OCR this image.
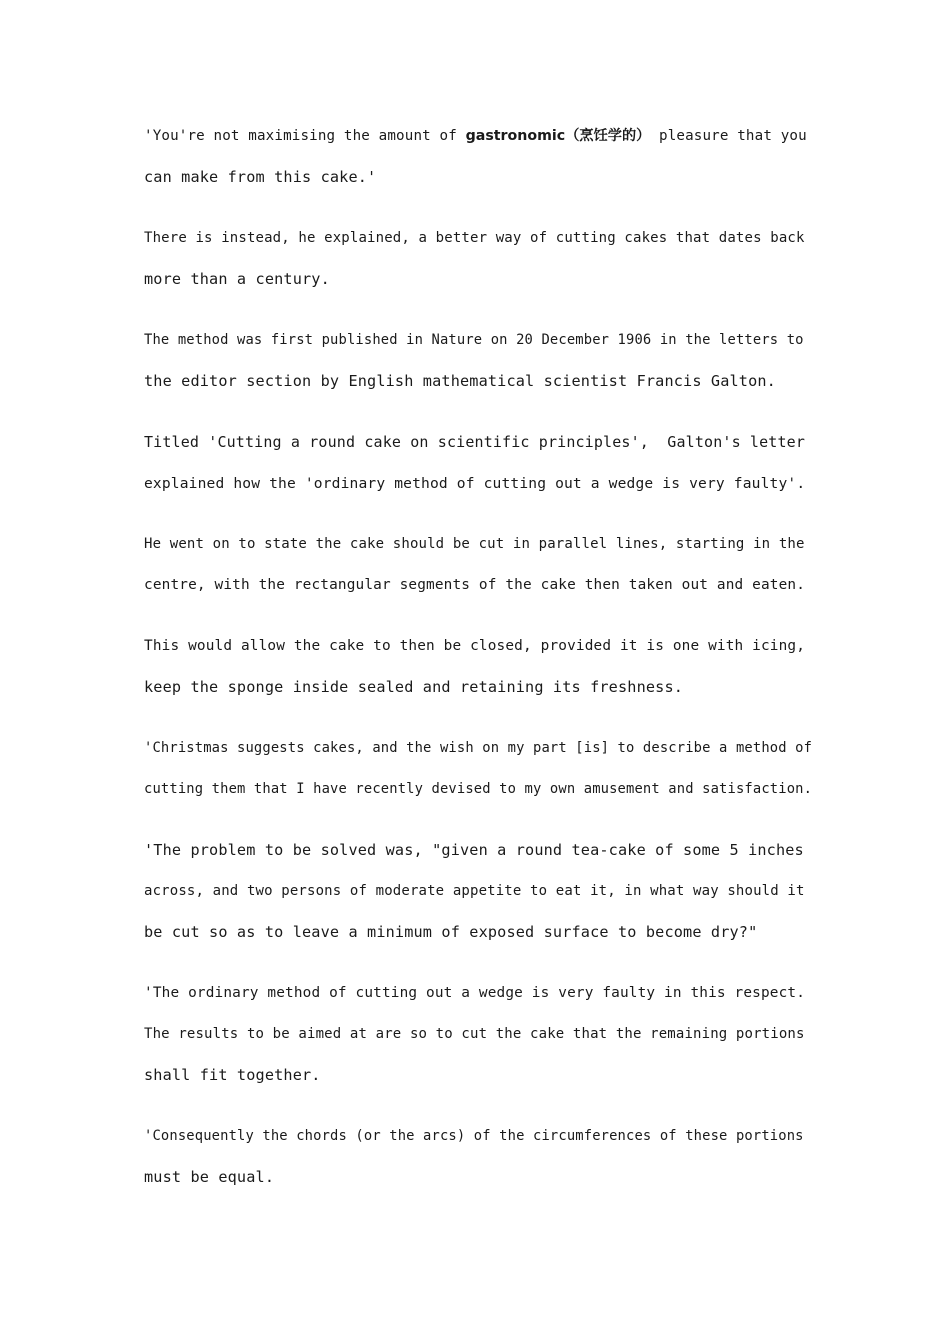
'You're not maximising the amount of gastronomic（烹饪学的） pleasure that you
can make from this cake.'
There is instead, he explained, a better way of cutting cakes that dates back
more than a century.
The method was first published in Nature on 20 December 1906 in the letters to
the editor section by English mathematical scientist Francis Galton.
Titled 'Cutting a round cake on scientific principles',  Galton's letter
explained how the 'ordinary method of cutting out a wedge is very faulty'.
He went on to state the cake should be cut in parallel lines, starting in the
centre, with the rectangular segments of the cake then taken out and eaten.
This would allow the cake to then be closed, provided it is one with icing,
keep the sponge inside sealed and retaining its freshness.
'Christmas suggests cakes, and the wish on my part [is] to describe a method of
cutting them that I have recently devised to my own amusement and satisfaction.
'The problem to be solved was, "given a round tea-cake of some 5 inches
across, and two persons of moderate appetite to eat it, in what way should it
be cut so as to leave a minimum of exposed surface to become dry?"
'The ordinary method of cutting out a wedge is very faulty in this respect.
The results to be aimed at are so to cut the cake that the remaining portions
shall fit together.
'Consequently the chords (or the arcs) of the circumferences of these portions
must be equal.
